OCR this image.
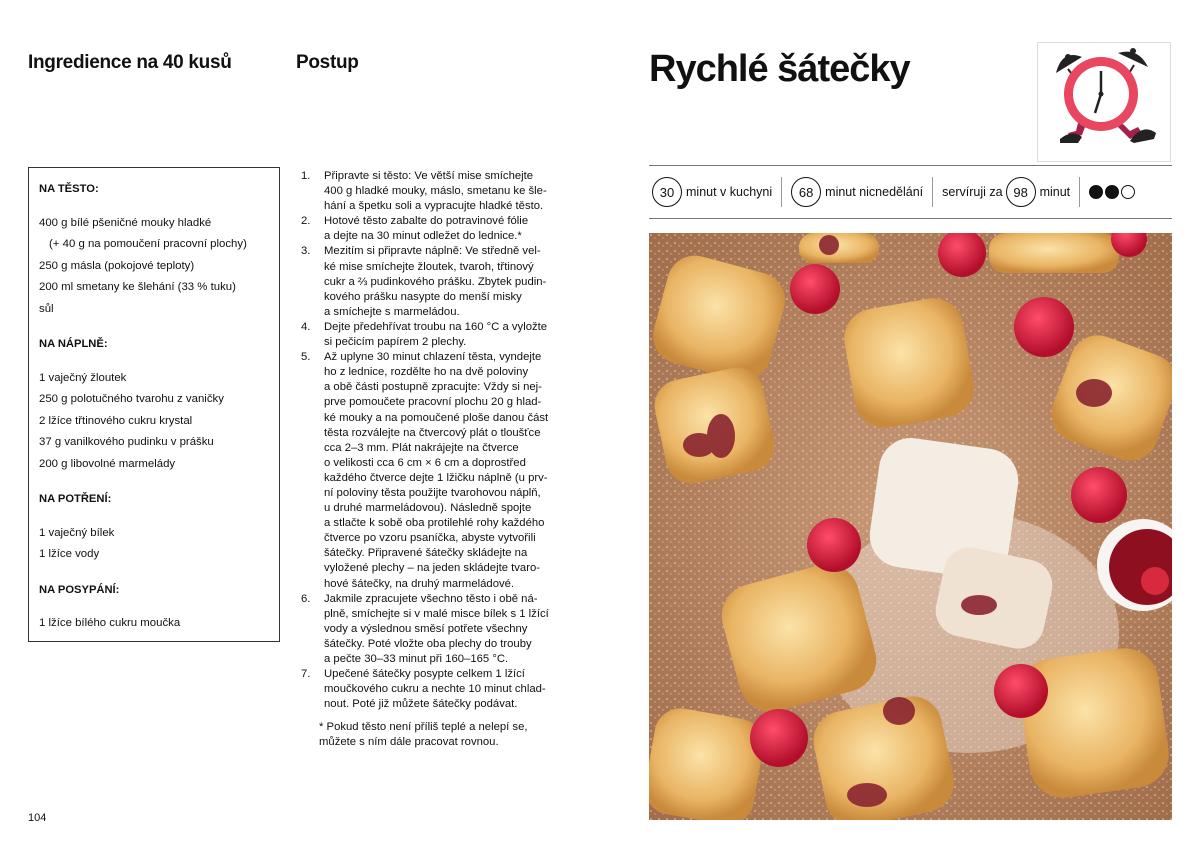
Ingredience na 40 kusů	Postup
NA TĚSTO:
400 g bílé pšeničné mouky hladké
(+ 40 g na pomoučení pracovní plochy)
250 g másla (pokojové teploty)
200 ml smetany ke šlehání (33 % tuku)
sůl
NA NÁPLNĚ:
1 vaječný žloutek
250 g polotučného tvarohu z vaničky
2 lžíce třtinového cukru krystal
37 g vanilkového pudinku v prášku
200 g libovolné marmelády
NA POTŘENÍ:
1 vaječný bílek
1 lžíce vody
NA POSYPÁNÍ:
1 lžíce bílého cukru moučka
1. Připravte si těsto: Ve větší mise smíchejte
400 g hladké mouky, máslo, smetanu ke šle-
hání a špetku soli a vypracujte hladké těsto.
2. Hotové těsto zabalte do potravinové fólie
a dejte na 30 minut odležet do lednice.*
3. Mezitím si připravte náplně: Ve středně vel-
ké mise smíchejte žloutek, tvaroh, třtinový
cukr a ⅔ pudinkového prášku. Zbytek pudin-
kového prášku nasypte do menší misky
a smíchejte s marmeládou.
4. Dejte předehřívat troubu na 160 °C a vyložte
si pečicím papírem 2 plechy.
5. Až uplyne 30 minut chlazení těsta, vyndejte
ho z lednice, rozdělte ho na dvě poloviny
a obě části postupně zpracujte: Vždy si nej-
prve pomoučete pracovní plochu 20 g hlad-
ké mouky a na pomoučené ploše danou část
těsta rozválejte na čtvercový plát o tloušťce
cca 2–3 mm. Plát nakrájejte na čtverce
o velikosti cca 6 cm × 6 cm a doprostřed
každého čtverce dejte 1 lžičku náplně (u prv-
ní poloviny těsta použijte tvarohovou náplň,
u druhé marmeládovou). Následně spojte
a stlačte k sobě oba protilehlé rohy každého
čtverce po vzoru psaníčka, abyste vytvořili
šátečky. Připravené šátečky skládejte na
vyložené plechy – na jeden skládejte tvaro-
hové šátečky, na druhý marmeládové.
6. Jakmile zpracujete všechno těsto i obě ná-
plně, smíchejte si v malé misce bílek s 1 lžící
vody a výslednou směsí potřete všechny
šátečky. Poté vložte oba plechy do trouby
a pečte 30–33 minut při 160–165 °C.
7. Upečené šátečky posypte celkem 1 lžící
moučkového cukru a nechte 10 minut chlad-
nout. Poté již můžete šátečky podávat.
* Pokud těsto není příliš teplé a nelepí se,
můžete s ním dále pracovat rovnou.
104
Rychlé šátečky
30 minut v kuchyni	68 minut nicnedělání servíruji za 98 minut
